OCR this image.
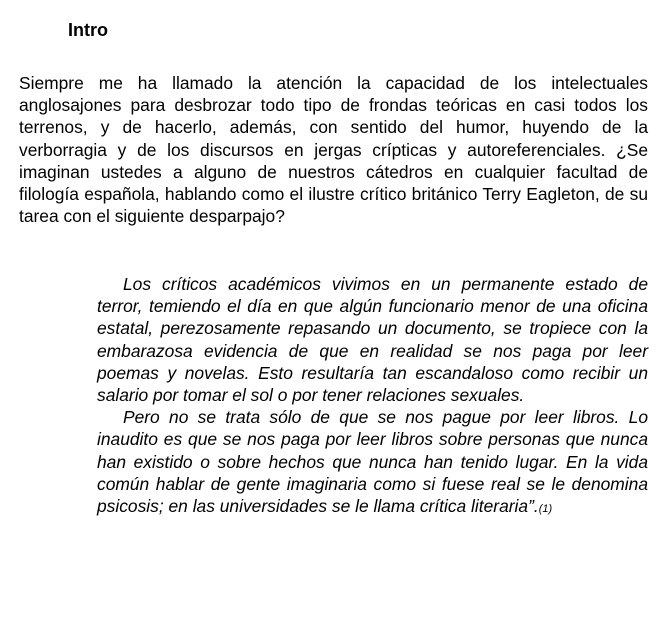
Intro

Siempre me ha llamado la atención la capacidad de los intelectuales anglosajones para desbrozar todo tipo de frondas teóricas en casi todos los terrenos, y de hacerlo, además, con sentido del humor, huyendo de la verborragia y de los discursos en jergas crípticas y autoreferenciales. ¿Se imaginan ustedes a alguno de nuestros cátedros en cualquier facultad de filología española, hablando como el ilustre crítico británico Terry Eagleton, de su tarea con el siguiente desparpajo?

Los críticos académicos vivimos en un permanente estado de terror, temiendo el día en que algún funcionario menor de una oficina estatal, perezosamente repasando un documento, se tropiece con la embarazosa evidencia de que en realidad se nos paga por leer poemas y novelas. Esto resultaría tan escandaloso como recibir un salario por tomar el sol o por tener relaciones sexuales.

Pero no se trata sólo de que se nos pague por leer libros. Lo inaudito es que se nos paga por leer libros sobre personas que nunca han existido o sobre hechos que nunca han tenido lugar. En la vida común hablar de gente imaginaria como si fuese real se le denomina psicosis; en las universidades se le llama crítica literaria”.(1)
